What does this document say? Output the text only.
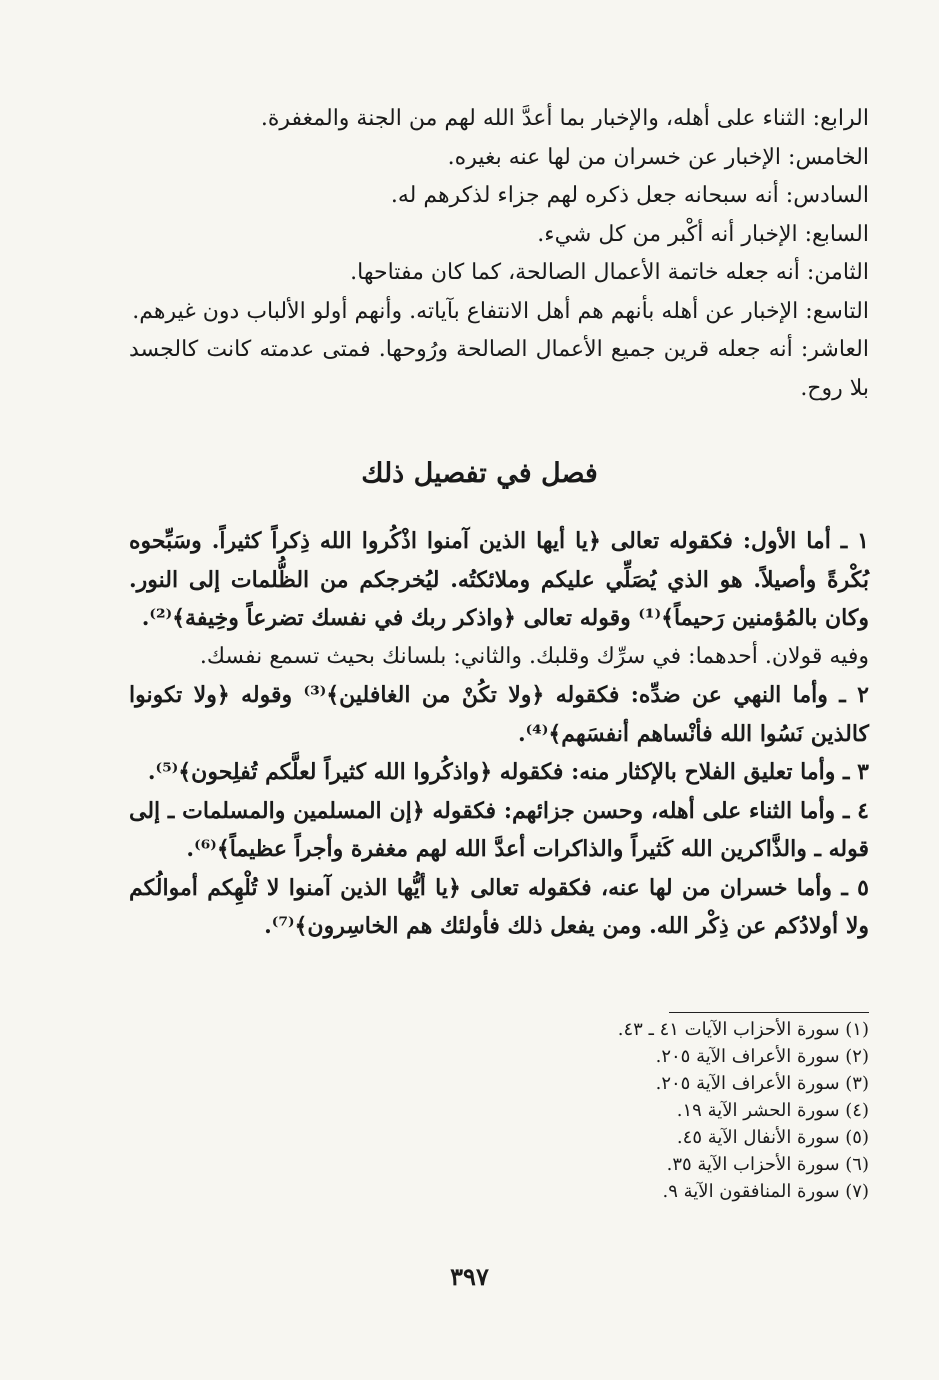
الرابع: الثناء على أهله، والإخبار بما أعدَّ الله لهم من الجنة والمغفرة.
الخامس: الإخبار عن خسران من لها عنه بغيره.
السادس: أنه سبحانه جعل ذكره لهم جزاء لذكرهم له.
السابع: الإخبار أنه أكْبر من كل شيء.
الثامن: أنه جعله خاتمة الأعمال الصالحة، كما كان مفتاحها.
التاسع: الإخبار عن أهله بأنهم هم أهل الانتفاع بآياته. وأنهم أولو الألباب دون غيرهم.
العاشر: أنه جعله قرين جميع الأعمال الصالحة ورُوحها. فمتى عدمته كانت كالجسد بلا روح.
فصل في تفصيل ذلك
١ ـ أما الأول: فكقوله تعالى ﴿يا أيها الذين آمنوا اذْكُروا الله ذِكراً كثيراً. وسَبِّحوه بُكْرةً وأصيلاً. هو الذي يُصَلِّي عليكم وملائكتُه. ليُخرجكم من الظُّلمات إلى النور. وكان بالمُؤمنين رَحيماً﴾⁽¹⁾ وقوله تعالى ﴿واذكر ربك في نفسك تضرعاً وخِيفة﴾⁽²⁾.
وفيه قولان. أحدهما: في سرِّك وقلبك. والثاني: بلسانك بحيث تسمع نفسك.
٢ ـ وأما النهي عن ضدِّه: فكقوله ﴿ولا تكُنْ من الغافلين﴾⁽³⁾ وقوله ﴿ولا تكونوا كالذين نَسُوا الله فأنْساهم أنفسَهم﴾⁽⁴⁾.
٣ ـ وأما تعليق الفلاح بالإكثار منه: فكقوله ﴿واذكُروا الله كثيراً لعلَّكم تُفلِحون﴾⁽⁵⁾.
٤ ـ وأما الثناء على أهله، وحسن جزائهم: فكقوله ﴿إن المسلمين والمسلمات ـ إلى قوله ـ والذَّاكرين الله كَثيراً والذاكرات أعدَّ الله لهم مغفرة وأجراً عظيماً﴾⁽⁶⁾.
٥ ـ وأما خسران من لها عنه، فكقوله تعالى ﴿يا أيُّها الذين آمنوا لا تُلْهِكم أموالُكم ولا أولادُكم عن ذِكْر الله. ومن يفعل ذلك فأولئك هم الخاسِرون﴾⁽⁷⁾.
(١) سورة الأحزاب الآيات ٤١ ـ ٤٣.
(٢) سورة الأعراف الآية ٢٠٥.
(٣) سورة الأعراف الآية ٢٠٥.
(٤) سورة الحشر الآية ١٩.
(٥) سورة الأنفال الآية ٤٥.
(٦) سورة الأحزاب الآية ٣٥.
(٧) سورة المنافقون الآية ٩.
٣٩٧
